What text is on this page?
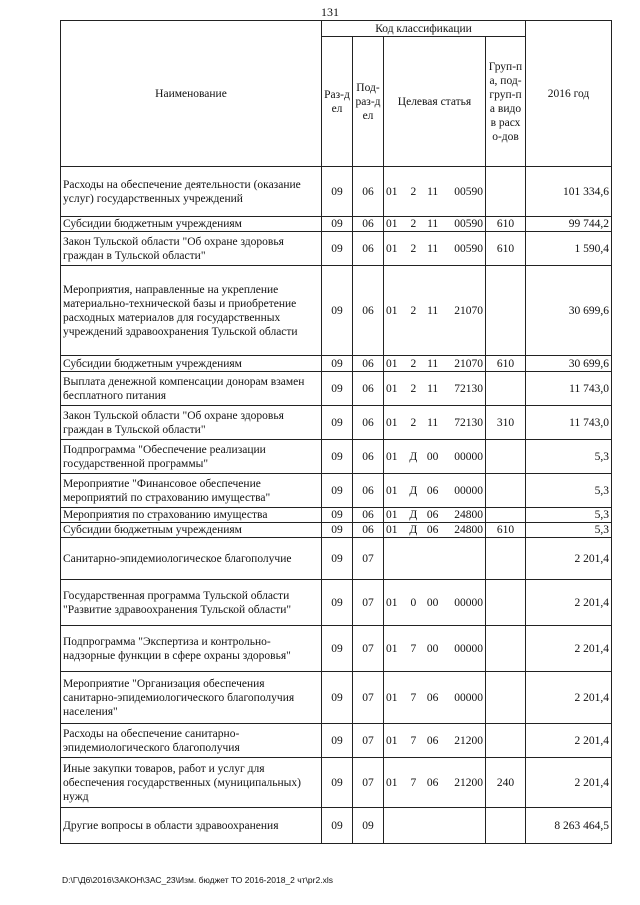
131
Наименование	Код классификации				2016 год
	Раз-дел	Под-раз-дел	Целевая статья	Груп-па, под-груп-па видов расхо-дов	
Расходы на обеспечение деятельности (оказание услуг) государственных учреждений	09	06	01 2 11 00590		101 334,6
Субсидии бюджетным учреждениям	09	06	01 2 11 00590	610	99 744,2
Закон Тульской области "Об охране здоровья граждан в Тульской области"	09	06	01 2 11 00590	610	1 590,4
Мероприятия, направленные на укрепление материально-технической базы и приобретение расходных материалов для государственных учреждений здравоохранения Тульской области	09	06	01 2 11 21070		30 699,6
Субсидии бюджетным учреждениям	09	06	01 2 11 21070	610	30 699,6
Выплата денежной компенсации донорам взамен бесплатного питания	09	06	01 2 11 72130		11 743,0
Закон Тульской области "Об охране здоровья граждан в Тульской области"	09	06	01 2 11 72130	310	11 743,0
Подпрограмма "Обеспечение реализации государственной программы"	09	06	01 Д 00 00000		5,3
Мероприятие "Финансовое обеспечение мероприятий по страхованию имущества"	09	06	01 Д 06 00000		5,3
Мероприятия по страхованию имущества	09	06	01 Д 06 24800		5,3
Субсидии бюджетным учреждениям	09	06	01 Д 06 24800	610	5,3
Санитарно-эпидемиологическое благополучие	09	07			2 201,4
Государственная программа Тульской области "Развитие здравоохранения Тульской области"	09	07	01 0 00 00000		2 201,4
Подпрограмма "Экспертиза и контрольно-надзорные функции в сфере охраны здоровья"	09	07	01 7 00 00000		2 201,4
Мероприятие "Организация обеспечения санитарно-эпидемиологического благополучия населения"	09	07	01 7 06 00000		2 201,4
Расходы на обеспечение санитарно-эпидемиологического благополучия	09	07	01 7 06 21200		2 201,4
Иные закупки товаров, работ и услуг для обеспечения государственных (муниципальных) нужд	09	07	01 7 06 21200	240	2 201,4
Другие вопросы в области здравоохранения	09	09			8 263 464,5
D:\Г\Д6\2016\ЗАКОН\ЗАС_23\Изм. бюджет ТО 2016-2018_2 чт\pr2.xls
